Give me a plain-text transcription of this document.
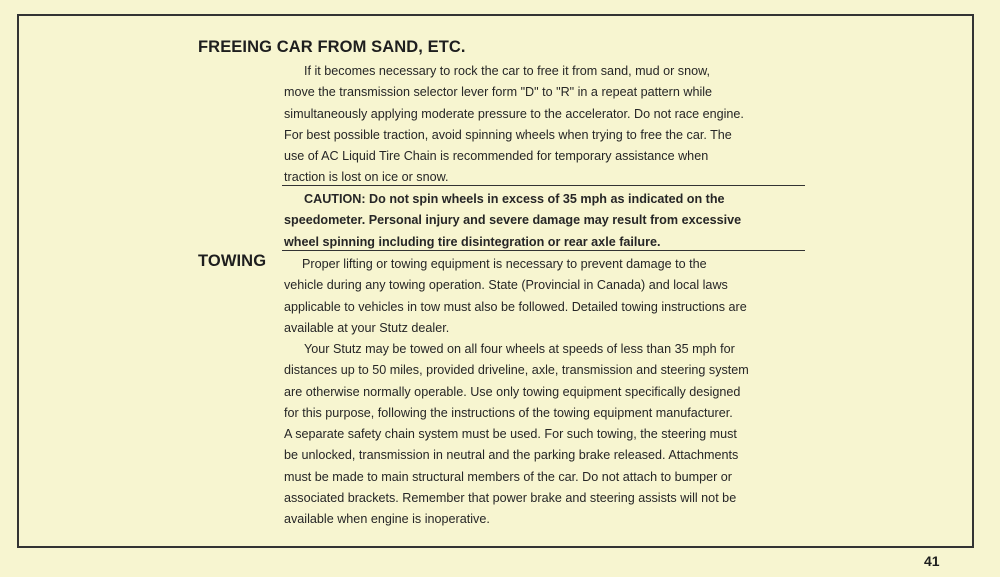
FREEING CAR FROM SAND, ETC.
If it becomes necessary to rock the car to free it from sand, mud or snow,
move the transmission selector lever form "D" to "R" in a repeat pattern while
simultaneously applying moderate pressure to the accelerator. Do not race engine.
For best possible traction, avoid spinning wheels when trying to free the car. The
use of AC Liquid Tire Chain is recommended for temporary assistance when
traction is lost on ice or snow.
CAUTION: Do not spin wheels in excess of 35 mph as indicated on the
speedometer. Personal injury and severe damage may result from excessive
wheel spinning including tire disintegration or rear axle failure.
TOWING	Proper lifting or towing equipment is necessary to prevent damage to the
vehicle during any towing operation. State (Provincial in Canada) and local laws
applicable to vehicles in tow must also be followed. Detailed towing instructions are
available at your Stutz dealer.
Your Stutz may be towed on all four wheels at speeds of less than 35 mph for
distances up to 50 miles, provided driveline, axle, transmission and steering system
are otherwise normally operable. Use only towing equipment specifically designed
for this purpose, following the instructions of the towing equipment manufacturer.
A separate safety chain system must be used. For such towing, the steering must
be unlocked, transmission in neutral and the parking brake released. Attachments
must be made to main structural members of the car. Do not attach to bumper or
associated brackets. Remember that power brake and steering assists will not be
available when engine is inoperative.
41
